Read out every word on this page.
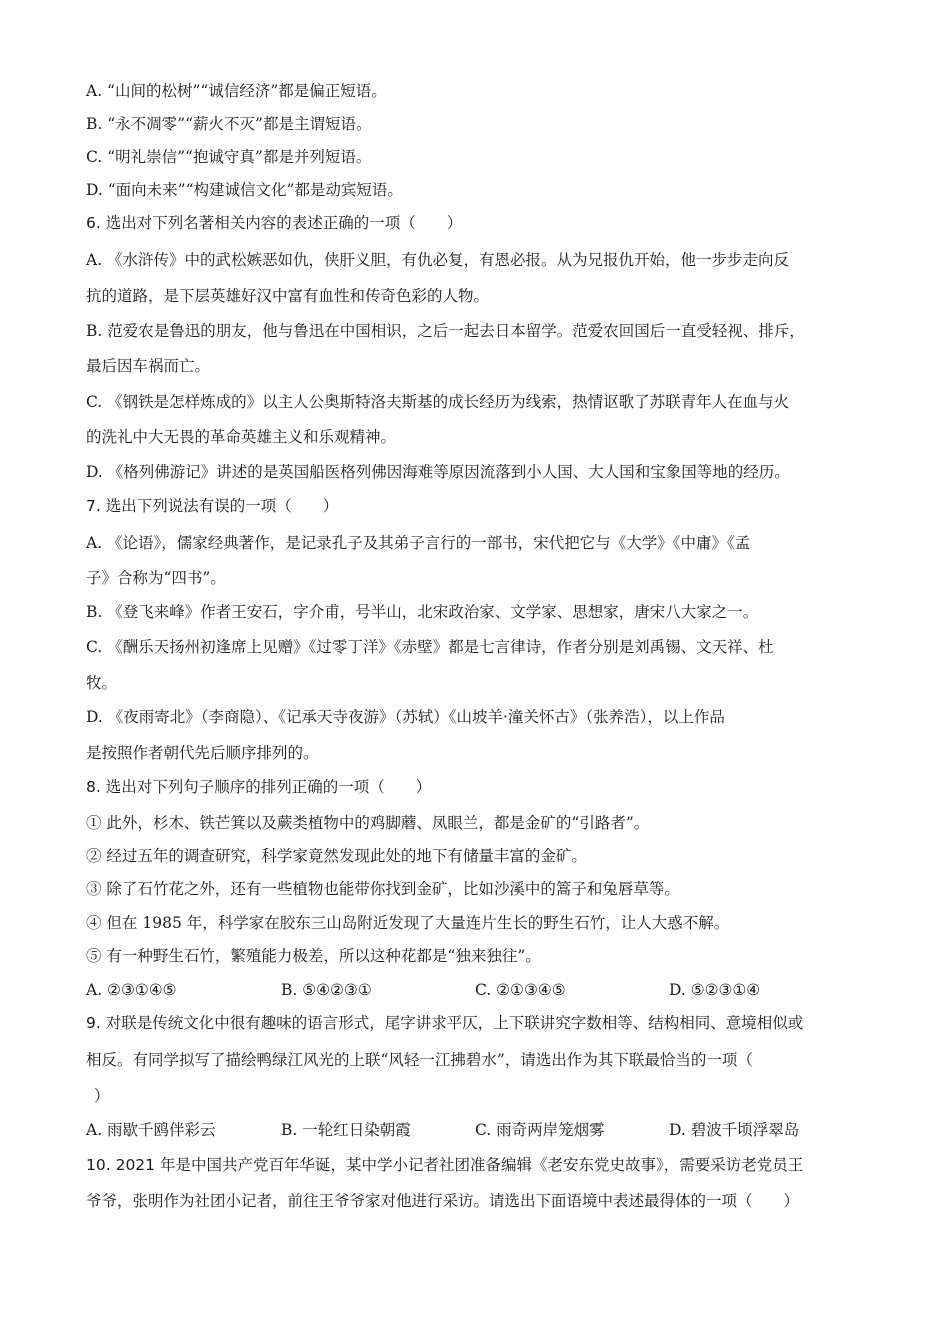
A. “山间的松树”“诚信经济”都是偏正短语。
B. “永不凋零”“薪火不灭”都是主谓短语。
C. “明礼崇信”“抱诚守真”都是并列短语。
D. “面向未来”“构建诚信文化”都是动宾短语。
6. 选出对下列名著相关内容的表述正确的一项（　　）
A. 《水浒传》中的武松嫉恶如仇，侠肝义胆，有仇必复，有恩必报。从为兄报仇开始，他一步步走向反
抗的道路，是下层英雄好汉中富有血性和传奇色彩的人物。
B. 范爱农是鲁迅的朋友，他与鲁迅在中国相识，之后一起去日本留学。范爱农回国后一直受轻视、排斥，
最后因车祸而亡。
C. 《钢铁是怎样炼成的》以主人公奥斯特洛夫斯基的成长经历为线索，热情讴歌了苏联青年人在血与火
的洗礼中大无畏的革命英雄主义和乐观精神。
D. 《格列佛游记》讲述的是英国船医格列佛因海难等原因流落到小人国、大人国和宝象国等地的经历。
7. 选出下列说法有误的一项（　　）
A. 《论语》，儒家经典著作，是记录孔子及其弟子言行的一部书，宋代把它与《大学》《中庸》《孟
子》合称为“四书”。
B. 《登飞来峰》作者王安石，字介甫，号半山，北宋政治家、文学家、思想家，唐宋八大家之一。
C. 《酬乐天扬州初逢席上见赠》《过零丁洋》《赤壁》都是七言律诗，作者分别是刘禹锡、文天祥、杜
牧。
D. 《夜雨寄北》（李商隐）、《记承天寺夜游》（苏轼）《山坡羊·潼关怀古》（张养浩），以上作品
是按照作者朝代先后顺序排列的。
8. 选出对下列句子顺序的排列正确的一项（　　）
① 此外，杉木、铁芒箕以及蕨类植物中的鸡脚蘑、凤眼兰，都是金矿的“引路者”。
② 经过五年的调查研究，科学家竟然发现此处的地下有储量丰富的金矿。
③ 除了石竹花之外，还有一些植物也能带你找到金矿，比如沙溪中的篙子和兔唇草等。
④ 但在 1985 年，科学家在胶东三山岛附近发现了大量连片生长的野生石竹，让人大惑不解。
⑤ 有一种野生石竹，繁殖能力极差，所以这种花都是“独来独往”。
A. ②③①④⑤	B. ⑤④②③①	C. ②①③④⑤	D. ⑤②③①④
9. 对联是传统文化中很有趣味的语言形式，尾字讲求平仄，上下联讲究字数相等、结构相同、意境相似或
相反。有同学拟写了描绘鸭绿江风光的上联“风轻一江拂碧水”，请选出作为其下联最恰当的一项（
）
A. 雨歇千鸥伴彩云	B. 一轮红日染朝霞	C. 雨奇两岸笼烟雾	D. 碧波千顷浮翠岛
10. 2021 年是中国共产党百年华诞，某中学小记者社团准备编辑《老安东党史故事》，需要采访老党员王
爷爷，张明作为社团小记者，前往王爷爷家对他进行采访。请选出下面语境中表述最得体的一项（　　）
